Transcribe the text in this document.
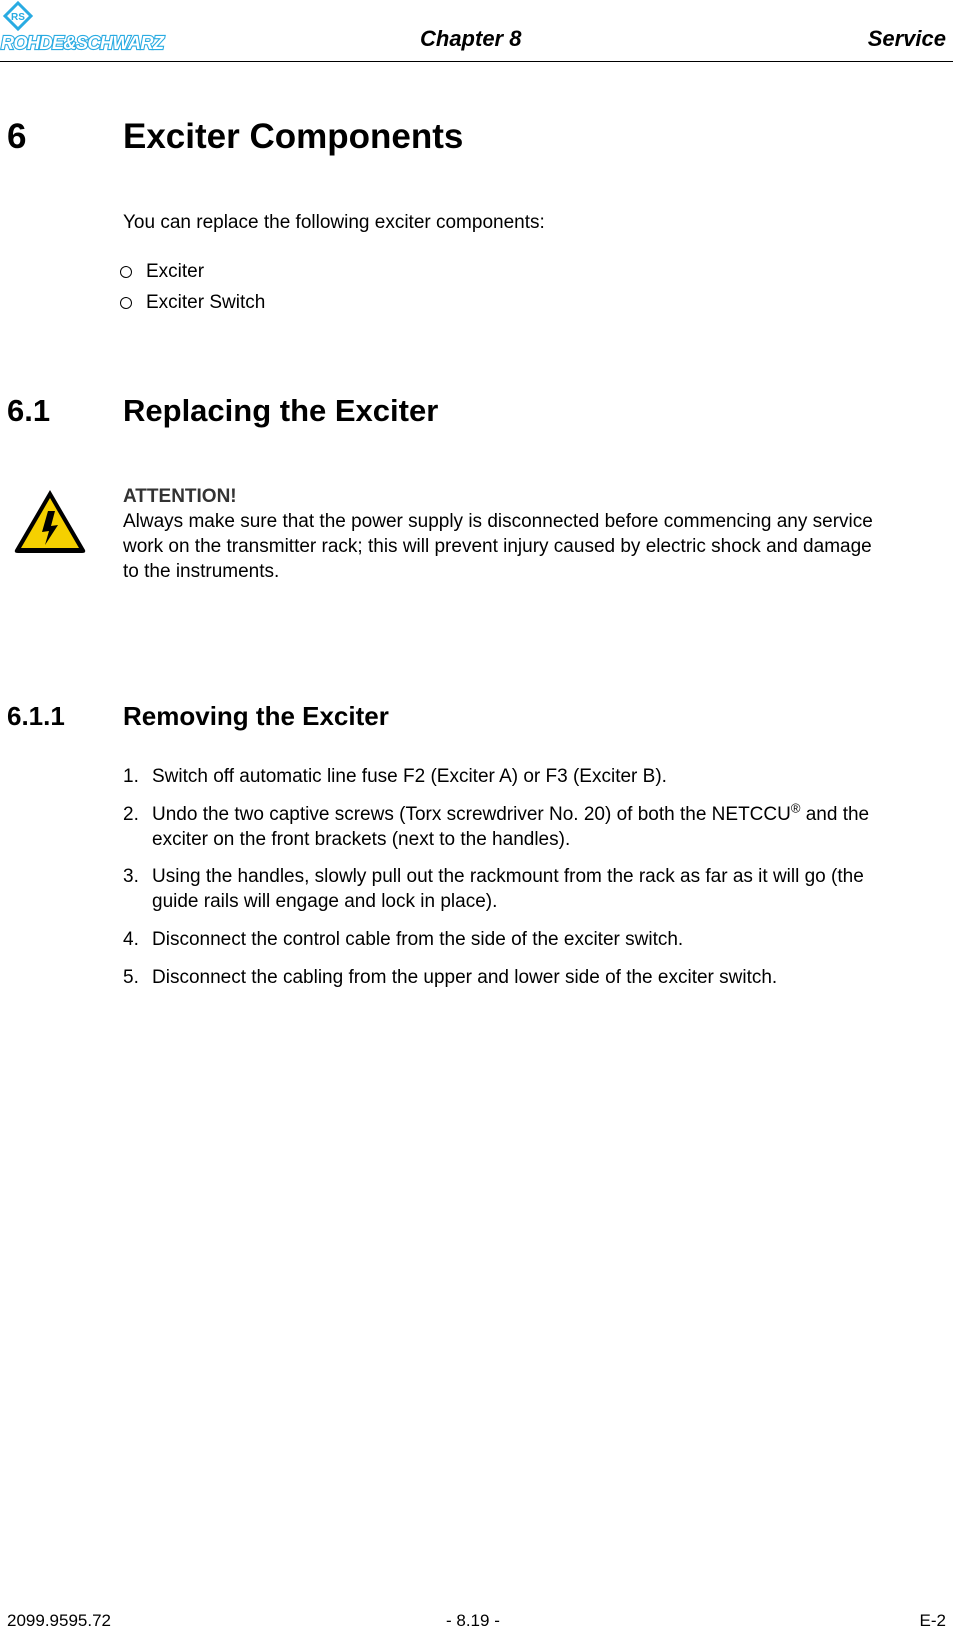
RS
ROHDE&SCHWARZ	Chapter 8	Service
6	Exciter Components
You can replace the following exciter components:
Exciter
Exciter Switch
6.1 Replacing the Exciter
ATTENTION!
Always make sure that the power supply is disconnected before commencing any service
work on the transmitter rack; this will prevent injury caused by electric shock and damage
to the instruments.
6.1.1 Removing the Exciter
1. Switch off automatic line fuse F2 (Exciter A) or F3 (Exciter B).
2. Undo the two captive screws (Torx screwdriver No. 20) of both the NETCCU® and the
exciter on the front brackets (next to the handles).
3. Using the handles, slowly pull out the rackmount from the rack as far as it will go (the
guide rails will engage and lock in place).
4. Disconnect the control cable from the side of the exciter switch.
5. Disconnect the cabling from the upper and lower side of the exciter switch.
2099.9595.72	- 8.19 -	E-2
